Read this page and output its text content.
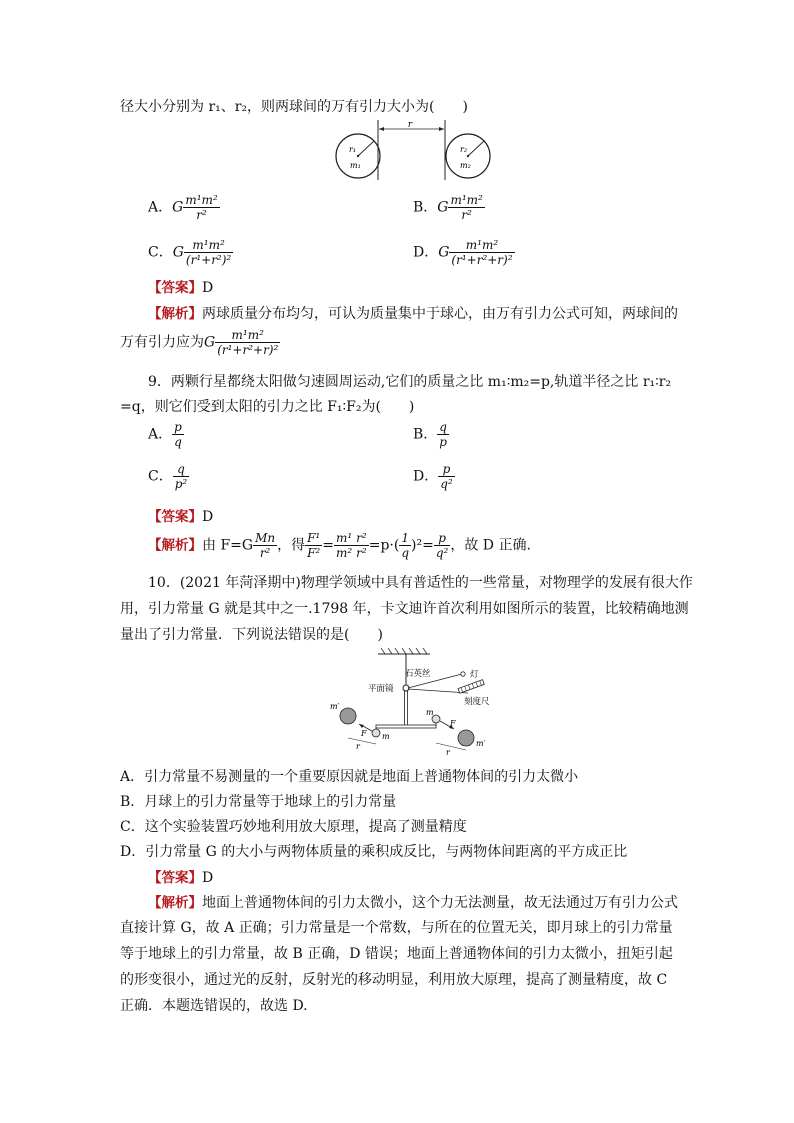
径大小分别为 r₁、r₂，则两球间的万有引力大小为(　　)
r
r₁
m₁
r₂
m₂
A．G $\frac{\text{m¹m²}}{\text{r²}}$	B．G $\frac{\text{m¹m²}}{\text{r²}}$
C．G $\frac{\text{m¹m²}}{\text{(r¹+r²)²}}$	D．G $\frac{\text{m¹m²}}{\text{(r¹+r²+r)²}}$
【答案】D
【解析】两球质量分布均匀，可认为质量集中于球心，由万有引力公式可知，两球间的
万有引力应为G $\frac{\text{m¹m²}}{\text{(r¹+r²+r)²}}$
9．两颗行星都绕太阳做匀速圆周运动,它们的质量之比 m₁∶m₂=p,轨道半径之比 r₁∶r₂
=q，则它们受到太阳的引力之比 F₁∶F₂为(　　)
A． $\frac{p}{q}$	B． $\frac{q}{p}$
C． $\frac{q}{\text{p²}}$	D． $\frac{p}{\text{q²}}$
【答案】D
【解析】由 $F=G \frac{Mn}{\text{r²}}$ ，得 $\frac{\text{F¹}}{\text{F²}} = \frac{\text{m¹}}{\text{m²}} \frac{\text{r²}}{\text{r²}} =p\cdot( \frac{1}{q} )^2= \frac{p}{\text{q²}}$ ，故 D 正确.
10．(2021 年菏泽期中)物理学领域中具有普适性的一些常量，对物理学的发展有很大作
用，引力常量 G 就是其中之一.1798 年，卡文迪许首次利用如图所示的装置，比较精确地测
量出了引力常量．下列说法错误的是(　　)
石英丝	灯
平面镜
刻度尺
m′
m
F
r
m
F
m′
r
A．引力常量不易测量的一个重要原因就是地面上普通物体间的引力太微小
B．月球上的引力常量等于地球上的引力常量
C．这个实验装置巧妙地利用放大原理，提高了测量精度
D．引力常量 G 的大小与两物体质量的乘积成反比，与两物体间距离的平方成正比
【答案】D
【解析】地面上普通物体间的引力太微小，这个力无法测量，故无法通过万有引力公式
直接计算 G，故 A 正确；引力常量是一个常数，与所在的位置无关，即月球上的引力常量
等于地球上的引力常量，故 B 正确，D 错误；地面上普通物体间的引力太微小，扭矩引起
的形变很小，通过光的反射，反射光的移动明显，利用放大原理，提高了测量精度，故 C
正确．本题选错误的，故选 D.
